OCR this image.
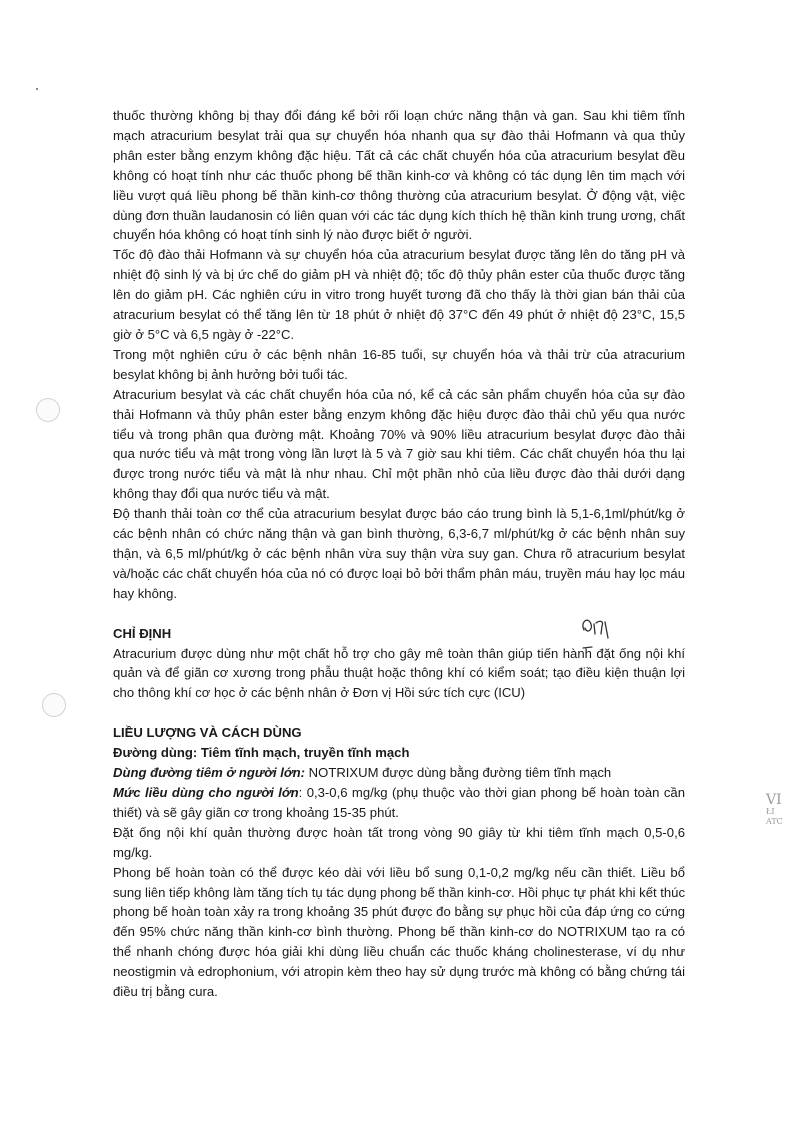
thuốc thường không bị thay đổi đáng kể bởi rối loạn chức năng thận và gan. Sau khi tiêm tĩnh mạch atracurium besylat trải qua sự chuyển hóa nhanh qua sự đào thải Hofmann và qua thủy phân ester bằng enzym không đặc hiệu. Tất cả các chất chuyển hóa của atracurium besylat đều không có hoạt tính như các thuốc phong bế thần kinh-cơ và không có tác dụng lên tim mạch với liều vượt quá liều phong bế thần kinh-cơ thông thường của atracurium besylat. Ở động vật, việc dùng đơn thuần laudanosin có liên quan với các tác dụng kích thích hệ thần kinh trung ương, chất chuyển hóa không có hoạt tính sinh lý nào được biết ở người.

Tốc độ đào thải Hofmann và sự chuyển hóa của atracurium besylat được tăng lên do tăng pH và nhiệt độ sinh lý và bị ức chế do giảm pH và nhiệt độ; tốc độ thủy phân ester của thuốc được tăng lên do giảm pH. Các nghiên cứu in vitro trong huyết tương đã cho thấy là thời gian bán thải của atracurium besylat có thể tăng lên từ 18 phút ở nhiệt độ 37°C đến 49 phút ở nhiệt độ 23°C, 15,5 giờ ở 5°C và 6,5 ngày ở -22°C.

Trong một nghiên cứu ở các bệnh nhân 16-85 tuổi, sự chuyển hóa và thải trừ của atracurium besylat không bị ảnh hưởng bởi tuổi tác.

Atracurium besylat và các chất chuyển hóa của nó, kể cả các sản phẩm chuyển hóa của sự đào thải Hofmann và thủy phân ester bằng enzym không đặc hiệu được đào thải chủ yếu qua nước tiểu và trong phân qua đường mật. Khoảng 70% và 90% liều atracurium besylat được đào thải qua nước tiểu và mật trong vòng lần lượt là 5 và 7 giờ sau khi tiêm. Các chất chuyển hóa thu lại được trong nước tiểu và mật là như nhau. Chỉ một phần nhỏ của liều được đào thải dưới dạng không thay đổi qua nước tiểu và mật.

Độ thanh thải toàn cơ thể của atracurium besylat được báo cáo trung bình là 5,1-6,1ml/phút/kg ở các bệnh nhân có chức năng thận và gan bình thường, 6,3-6,7 ml/phút/kg ở các bệnh nhân suy thận, và 6,5 ml/phút/kg ở các bệnh nhân vừa suy thận vừa suy gan. Chưa rõ atracurium besylat và/hoặc các chất chuyển hóa của nó có được loại bỏ bởi thẩm phân máu, truyền máu hay lọc máu hay không.

CHỈ ĐỊNH

Atracurium được dùng như một chất hỗ trợ cho gây mê toàn thân giúp tiến hành đặt ống nội khí quản và để giãn cơ xương trong phẫu thuật hoặc thông khí có kiểm soát; tạo điều kiện thuận lợi cho thông khí cơ học ở các bệnh nhân ở Đơn vị Hồi sức tích cực (ICU)

LIỀU LƯỢNG VÀ CÁCH DÙNG

Đường dùng: Tiêm tĩnh mạch, truyền tĩnh mạch

Dùng đường tiêm ở người lớn: NOTRIXUM được dùng bằng đường tiêm tĩnh mạch

Mức liều dùng cho người lớn: 0,3-0,6 mg/kg (phụ thuộc vào thời gian phong bế hoàn toàn cần thiết) và sẽ gây giãn cơ trong khoảng 15-35 phút.

Đặt ống nội khí quản thường được hoàn tất trong vòng 90 giây từ khi tiêm tĩnh mạch 0,5-0,6 mg/kg.

Phong bế hoàn toàn có thể được kéo dài với liều bổ sung 0,1-0,2 mg/kg nếu cần thiết. Liều bổ sung liên tiếp không làm tăng tích tụ tác dụng phong bế thần kinh-cơ. Hồi phục tự phát khi kết thúc phong bế hoàn toàn xảy ra trong khoảng 35 phút được đo bằng sự phục hồi của đáp ứng co cứng đến 95% chức năng thần kinh-cơ bình thường. Phong bế thần kinh-cơ do NOTRIXUM tạo ra có thể nhanh chóng được hóa giải khi dùng liều chuẩn các thuốc kháng cholinesterase, ví dụ như neostigmin và edrophonium, với atropin kèm theo hay sử dụng trước mà không có bằng chứng tái điều trị bằng cura.

VI
ŁI
ATC
